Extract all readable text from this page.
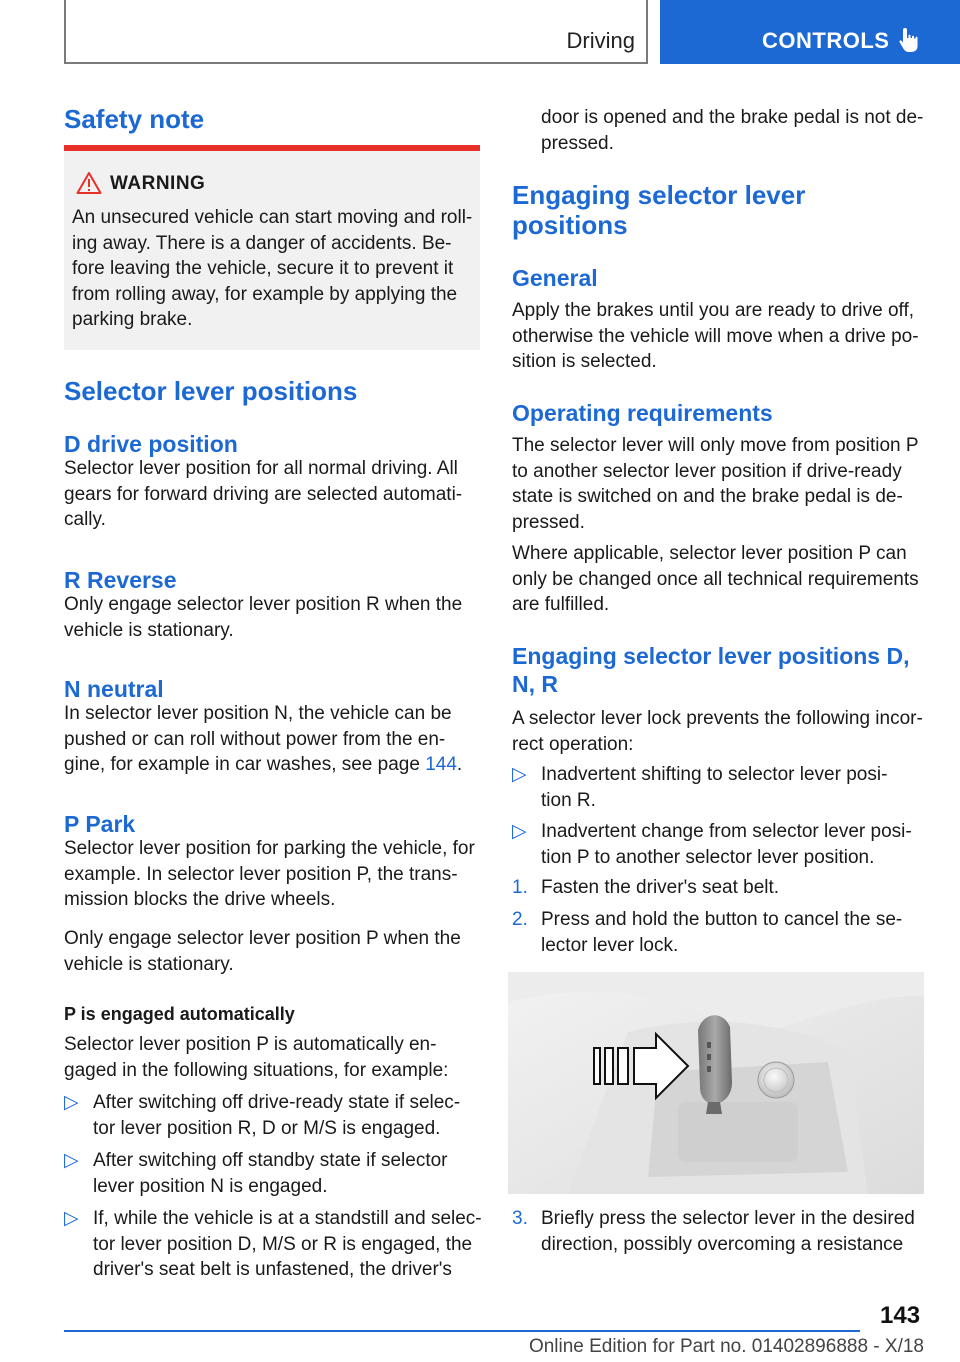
Driving	CONTROLS
Safety note
WARNING
An unsecured vehicle can start moving and roll-
ing away. There is a danger of accidents. Be-
fore leaving the vehicle, secure it to prevent it
from rolling away, for example by applying the
parking brake.
Selector lever positions
D drive position
Selector lever position for all normal driving. All
gears for forward driving are selected automati-
cally.
R Reverse
Only engage selector lever position R when the
vehicle is stationary.
N neutral
In selector lever position N, the vehicle can be
pushed or can roll without power from the en-
gine, for example in car washes, see page 144.
P Park
Selector lever position for parking the vehicle, for
example. In selector lever position P, the trans-
mission blocks the drive wheels.
Only engage selector lever position P when the
vehicle is stationary.
P is engaged automatically
Selector lever position P is automatically en-
gaged in the following situations, for example:
▷ After switching off drive-ready state if selec-
tor lever position R, D or M/S is engaged.
▷ After switching off standby state if selector
lever position N is engaged.
▷ If, while the vehicle is at a standstill and selec-
tor lever position D, M/S or R is engaged, the
driver's seat belt is unfastened, the driver's
door is opened and the brake pedal is not de-
pressed.
Engaging selector lever
positions
General
Apply the brakes until you are ready to drive off,
otherwise the vehicle will move when a drive po-
sition is selected.
Operating requirements
The selector lever will only move from position P
to another selector lever position if drive-ready
state is switched on and the brake pedal is de-
pressed.
Where applicable, selector lever position P can
only be changed once all technical requirements
are fulfilled.
Engaging selector lever positions D,
N, R
A selector lever lock prevents the following incor-
rect operation:
▷ Inadvertent shifting to selector lever posi-
tion R.
▷ Inadvertent change from selector lever posi-
tion P to another selector lever position.
1. Fasten the driver's seat belt.
2. Press and hold the button to cancel the se-
lector lever lock.
3. Briefly press the selector lever in the desired
direction, possibly overcoming a resistance
143
Online Edition for Part no. 01402896888 - X/18
